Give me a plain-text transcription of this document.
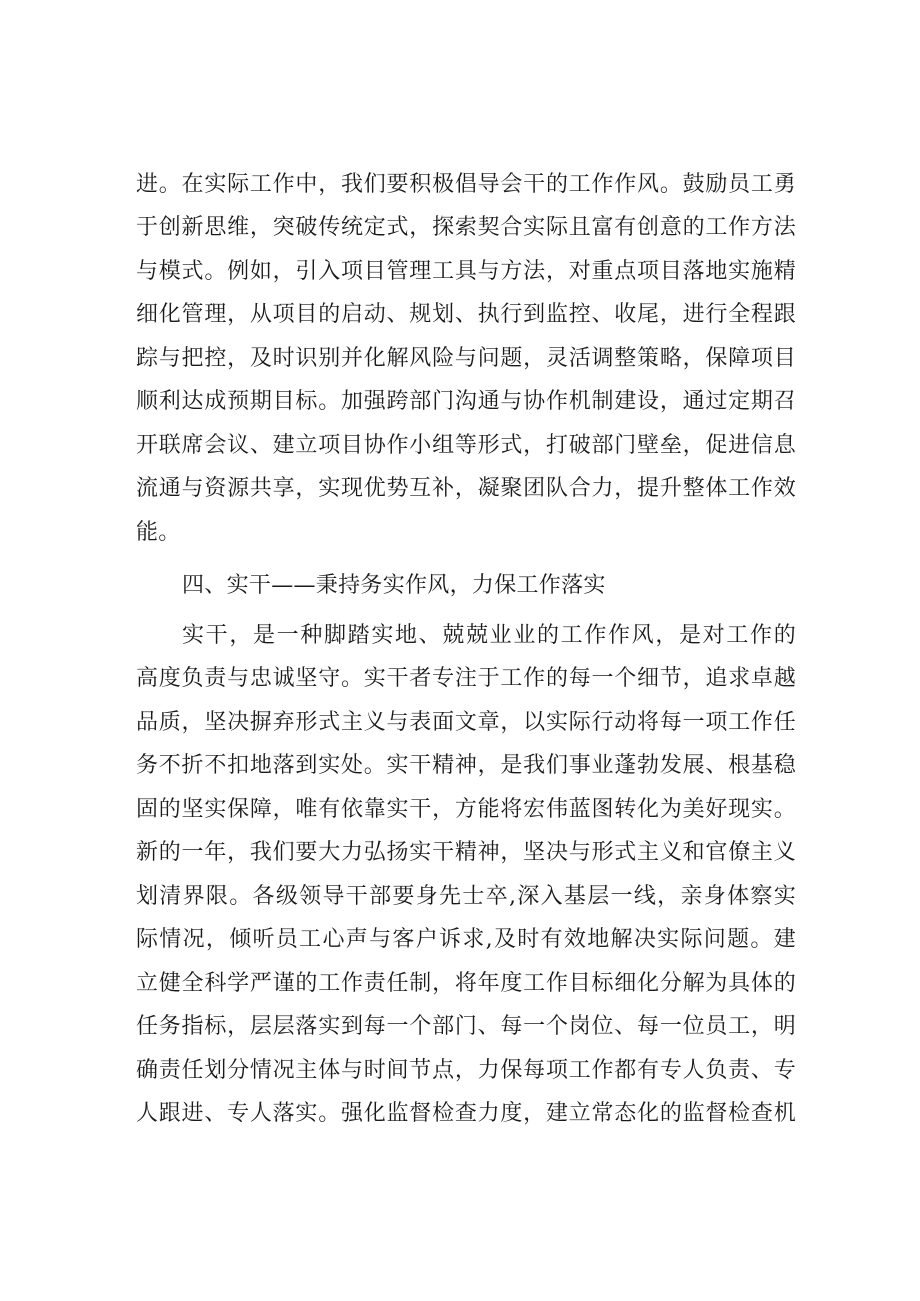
进。在实际工作中，我们要积极倡导会干的工作作风。鼓励员工勇
于创新思维，突破传统定式，探索契合实际且富有创意的工作方法
与模式。例如，引入项目管理工具与方法，对重点项目落地实施精
细化管理，从项目的启动、规划、执行到监控、收尾，进行全程跟
踪与把控，及时识别并化解风险与问题，灵活调整策略，保障项目
顺利达成预期目标。加强跨部门沟通与协作机制建设，通过定期召
开联席会议、建立项目协作小组等形式，打破部门壁垒，促进信息
流通与资源共享，实现优势互补，凝聚团队合力，提升整体工作效
能。
四、实干——秉持务实作风，力保工作落实
实干，是一种脚踏实地、兢兢业业的工作作风，是对工作的
高度负责与忠诚坚守。实干者专注于工作的每一个细节，追求卓越
品质，坚决摒弃形式主义与表面文章，以实际行动将每一项工作任
务不折不扣地落到实处。实干精神，是我们事业蓬勃发展、根基稳
固的坚实保障，唯有依靠实干，方能将宏伟蓝图转化为美好现实。
新的一年，我们要大力弘扬实干精神，坚决与形式主义和官僚主义
划清界限。各级领导干部要身先士卒,深入基层一线，亲身体察实
际情况，倾听员工心声与客户诉求,及时有效地解决实际问题。建
立健全科学严谨的工作责任制，将年度工作目标细化分解为具体的
任务指标，层层落实到每一个部门、每一个岗位、每一位员工，明
确责任划分情况主体与时间节点，力保每项工作都有专人负责、专
人跟进、专人落实。强化监督检查力度，建立常态化的监督检查机
